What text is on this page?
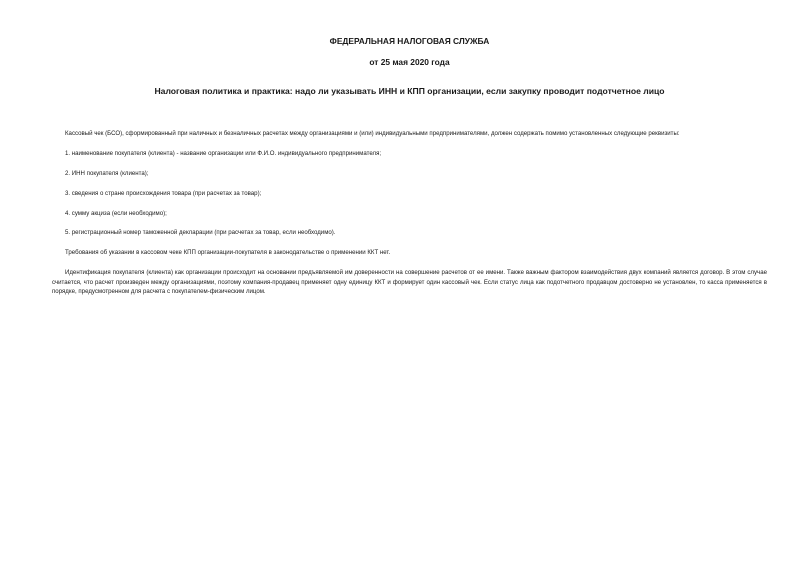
ФЕДЕРАЛЬНАЯ НАЛОГОВАЯ СЛУЖБА
от 25 мая 2020 года
Налоговая политика и практика: надо ли указывать ИНН и КПП организации, если закупку проводит подотчетное лицо

Кассовый чек (БСО), сформированный при наличных и безналичных расчетах между организациями и (или) индивидуальными предпринимателями, должен содержать помимо установленных следующие реквизиты:

1. наименование покупателя (клиента) - название организации или Ф.И.О. индивидуального предпринимателя;

2. ИНН покупателя (клиента);

3. сведения о стране происхождения товара (при расчетах за товар);

4. сумму акциза (если необходимо);

5. регистрационный номер таможенной декларации (при расчетах за товар, если необходимо).

Требования об указании в кассовом чеке КПП организации-покупателя в законодательстве о применении ККТ нет.

Идентификация покупателя (клиента) как организации происходит на основании предъявляемой им доверенности на совершение расчетов от ее имени. Также важным фактором взаимодействия двух компаний является договор. В этом случае считается, что расчет произведен между организациями, поэтому компания-продавец применяет одну единицу ККТ и формирует один кассовый чек. Если статус лица как подотчетного продавцом достоверно не установлен, то касса применяется в порядке, предусмотренном для расчета с покупателем-физическим лицом.
